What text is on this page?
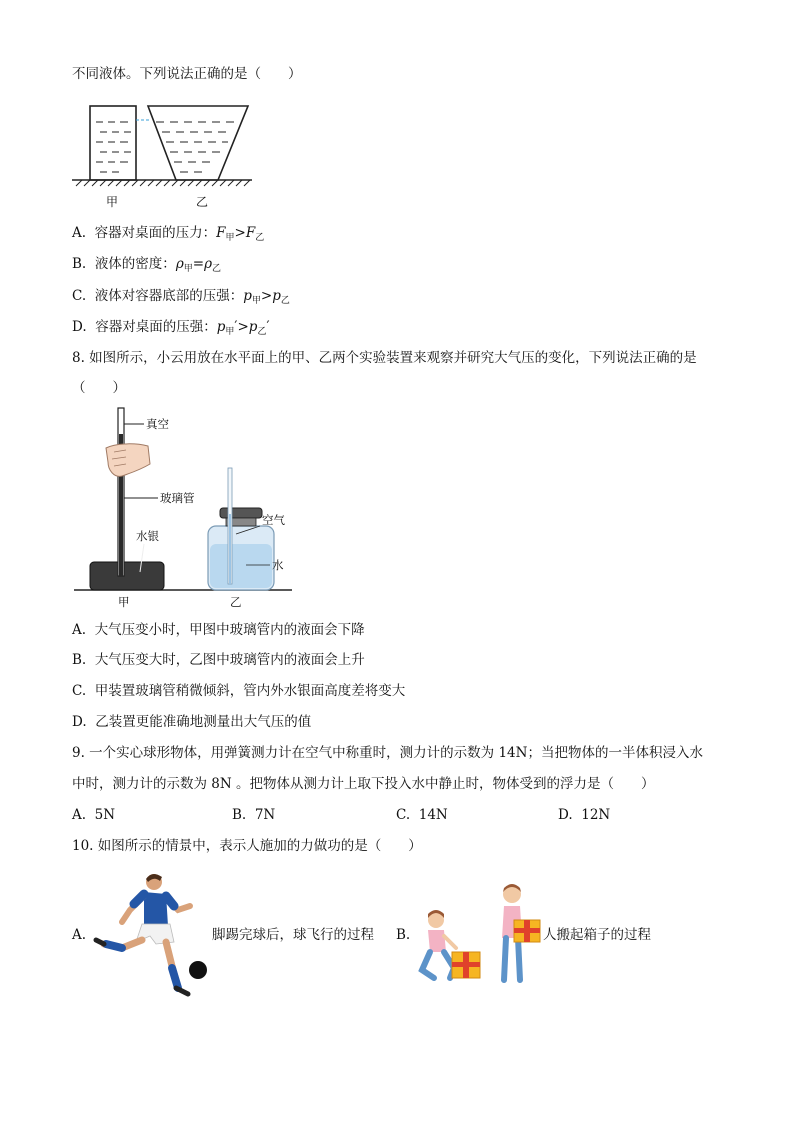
不同液体。下列说法正确的是（　　）
甲	乙
A. 容器对桌面的压力：$F_甲>F_乙$
B. 液体的密度：$\rho_甲=\rho_乙$
C. 液体对容器底部的压强：$p_甲>p_乙$
D. 容器对桌面的压强：$p_甲'>p_乙'$
8. 如图所示，小云用放在水平面上的甲、乙两个实验装置来观察并研究大气压的变化，下列说法正确的是
（　　）
真空
玻璃管
水银
空气
水
甲	乙
A. 大气压变小时，甲图中玻璃管内的液面会下降
B. 大气压变大时，乙图中玻璃管内的液面会上升
C. 甲装置玻璃管稍微倾斜，管内外水银面高度差将变大
D. 乙装置更能准确地测量出大气压的值
9. 一个实心球形物体，用弹簧测力计在空气中称重时，测力计的示数为 14N；当把物体的一半体积浸入水
中时，测力计的示数为 8N 。把物体从测力计上取下投入水中静止时，物体受到的浮力是（　　）
A. 5N	B. 7N	C. 14N	D. 12N
10. 如图所示的情景中，表示人施加的力做功的是（　　）
A.	脚踢完球后，球飞行的过程 B.	人搬起箱子的过程
